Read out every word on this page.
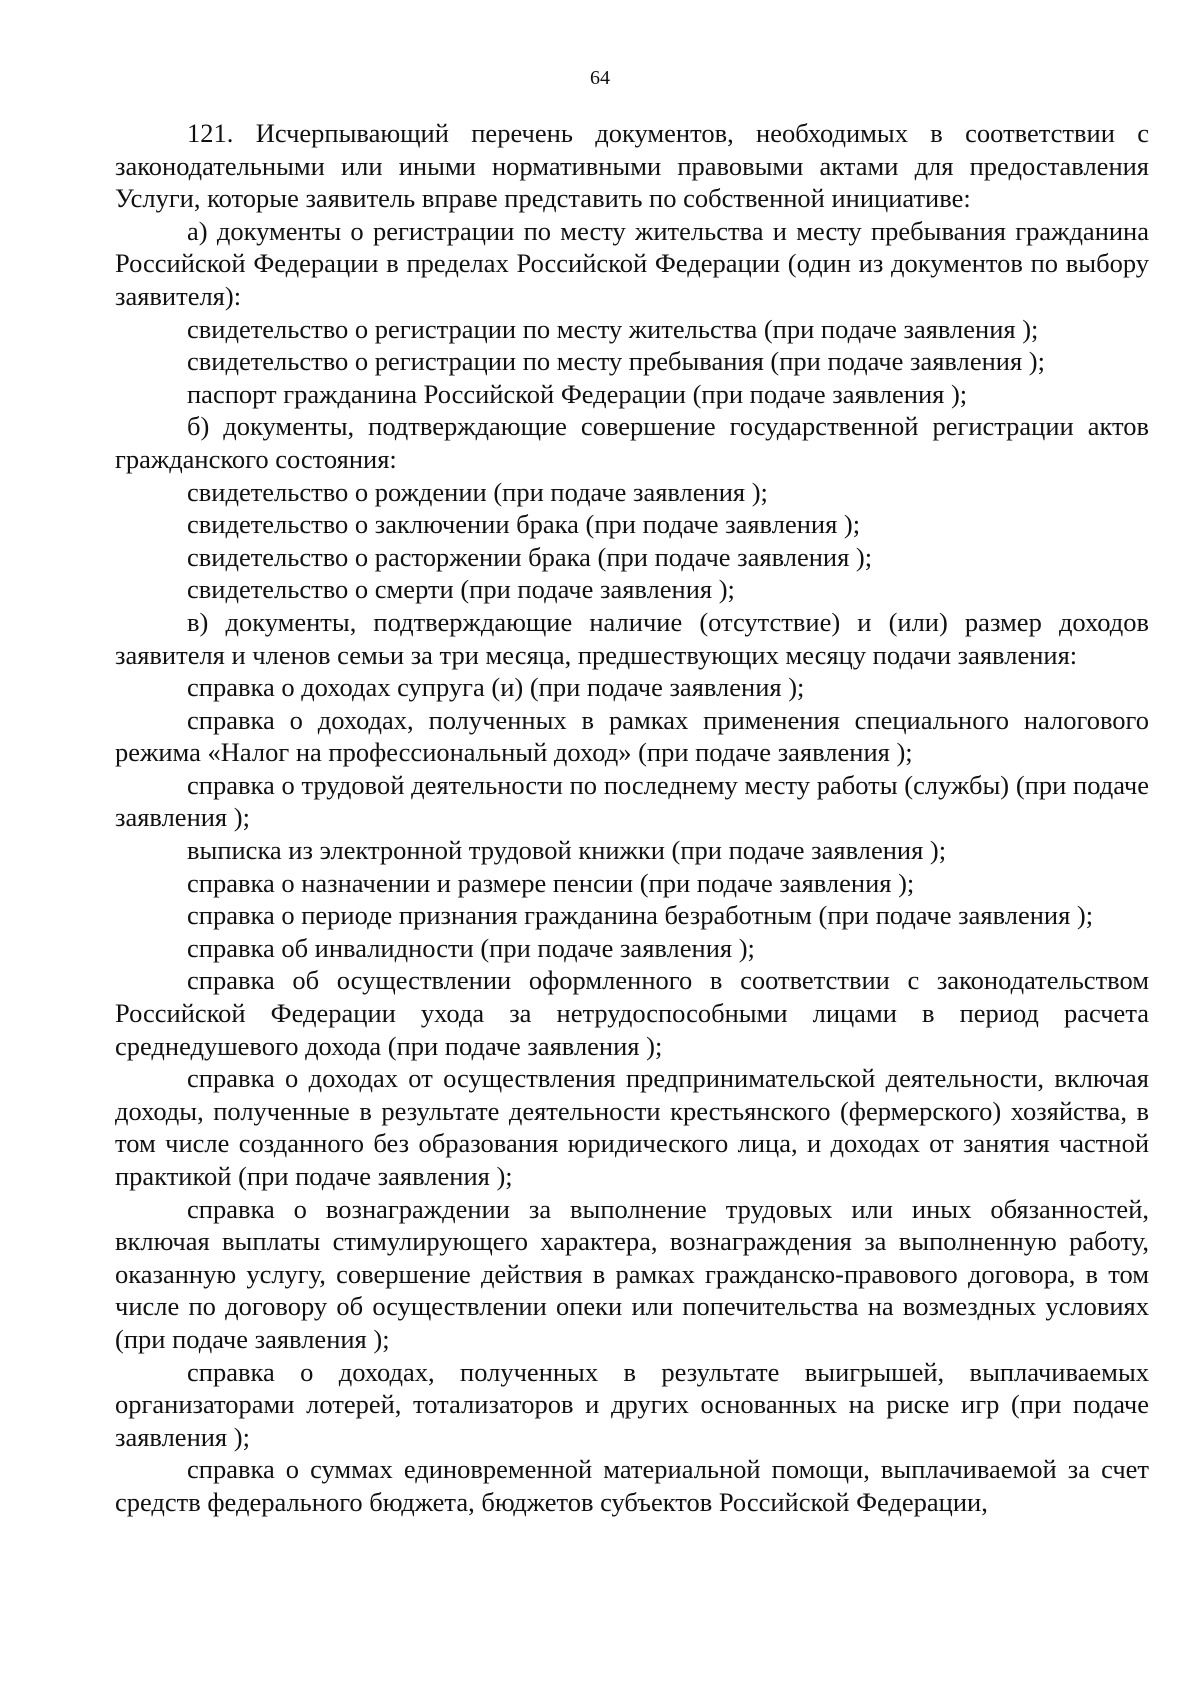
64

121. Исчерпывающий перечень документов, необходимых в соответствии с законодательными или иными нормативными правовыми актами для предоставления Услуги, которые заявитель вправе представить по собственной инициативе:

а) документы о регистрации по месту жительства и месту пребывания гражданина Российской Федерации в пределах Российской Федерации (один из документов по выбору заявителя):

свидетельство о регистрации по месту жительства (при подаче заявления );

свидетельство о регистрации по месту пребывания (при подаче заявления );

паспорт гражданина Российской Федерации (при подаче заявления );

б) документы, подтверждающие совершение государственной регистрации актов гражданского состояния:

свидетельство о рождении (при подаче заявления );

свидетельство о заключении брака (при подаче заявления );

свидетельство о расторжении брака (при подаче заявления );

свидетельство о смерти (при подаче заявления );

в) документы, подтверждающие наличие (отсутствие) и (или) размер доходов заявителя и членов семьи за три месяца, предшествующих месяцу подачи заявления:

справка о доходах супруга (и) (при подаче заявления );

справка о доходах, полученных в рамках применения специального налогового режима «Налог на профессиональный доход» (при подаче заявления );

справка о трудовой деятельности по последнему месту работы (службы) (при подаче заявления );

выписка из электронной трудовой книжки (при подаче заявления );

справка о назначении и размере пенсии (при подаче заявления );

справка о периоде признания гражданина безработным (при подаче заявления );

справка об инвалидности (при подаче заявления );

справка об осуществлении оформленного в соответствии с законодательством Российской Федерации ухода за нетрудоспособными лицами в период расчета среднедушевого дохода (при подаче заявления );

справка о доходах от осуществления предпринимательской деятельности, включая доходы, полученные в результате деятельности крестьянского (фермерского) хозяйства, в том числе созданного без образования юридического лица, и доходах от занятия частной практикой (при подаче заявления );

справка о вознаграждении за выполнение трудовых или иных обязанностей, включая выплаты стимулирующего характера, вознаграждения за выполненную работу, оказанную услугу, совершение действия в рамках гражданско-правового договора, в том числе по договору об осуществлении опеки или попечительства на возмездных условиях (при подаче заявления );

справка о доходах, полученных в результате выигрышей, выплачиваемых организаторами лотерей, тотализаторов и других основанных на риске игр (при подаче заявления );

справка о суммах единовременной материальной помощи, выплачиваемой за счет средств федерального бюджета, бюджетов субъектов Российской Федерации,
